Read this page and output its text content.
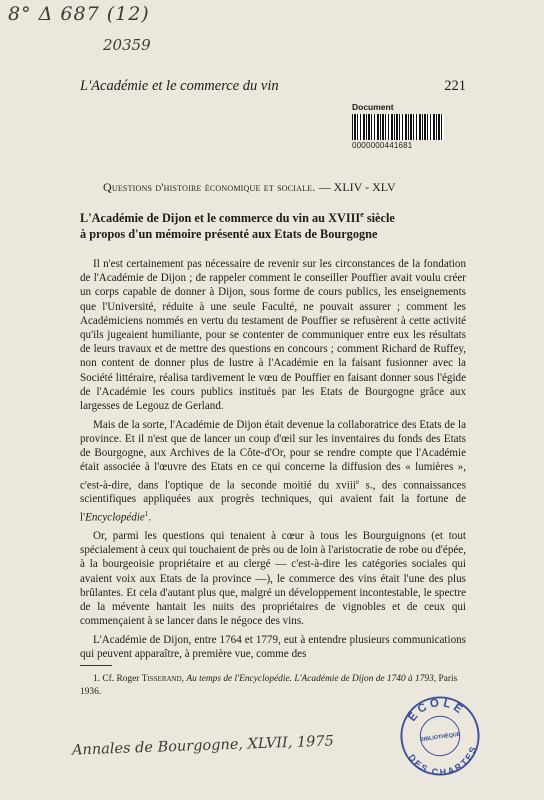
8° Δ 687 (12)
20359
L'Académie et le commerce du vin	221
Document
0000000441681
Questions d'histoire économique et sociale. — XLIV - XLV
L'Académie de Dijon et le commerce du vin au XVIIIe siècle
à propos d'un mémoire présenté aux Etats de Bourgogne

Il n'est certainement pas nécessaire de revenir sur les circonstances de la fondation de l'Académie de Dijon ; de rappeler comment le conseiller Pouffier avait voulu créer un corps capable de donner à Dijon, sous forme de cours publics, les enseignements que l'Université, réduite à une seule Faculté, ne pouvait assurer ; comment les Académiciens nommés en vertu du testament de Pouffier se refusèrent à cette activité qu'ils jugeaient humiliante, pour se contenter de communiquer entre eux les résultats de leurs travaux et de mettre des questions en concours ; comment Richard de Ruffey, non content de donner plus de lustre à l'Académie en la faisant fusionner avec la Société littéraire, réalisa tardivement le vœu de Pouffier en faisant donner sous l'égide de l'Académie les cours publics institués par les Etats de Bourgogne grâce aux largesses de Legouz de Gerland.

Mais de la sorte, l'Académie de Dijon était devenue la collaboratrice des Etats de la province. Et il n'est que de lancer un coup d'œil sur les inventaires du fonds des Etats de Bourgogne, aux Archives de la Côte-d'Or, pour se rendre compte que l'Académie était associée à l'œuvre des Etats en ce qui concerne la diffusion des « lumières », c'est-à-dire, dans l'optique de la seconde moitié du xviii$^e$ s., des connaissances scientifiques appliquées aux progrès techniques, qui avaient fait la fortune de l'Encyclopédie$^1$.

Or, parmi les questions qui tenaient à cœur à tous les Bourguignons (et tout spécialement à ceux qui touchaient de près ou de loin à l'aristocratie de robe ou d'épée, à la bourgeoisie propriétaire et au clergé — c'est-à-dire les catégories sociales qui avaient voix aux Etats de la province —), le commerce des vins était l'une des plus brûlantes. Et cela d'autant plus que, malgré un développement incontestable, le spectre de la mévente hantait les nuits des propriétaires de vignobles et de ceux qui commençaient à se lancer dans le négoce des vins.

L'Académie de Dijon, entre 1764 et 1779, eut à entendre plusieurs communications qui peuvent apparaître, à première vue, comme des

1. Cf. Roger Tisserand, Au temps de l'Encyclopédie. L'Académie de Dijon de 1740 à 1793, Paris 1936.
Annales de Bourgogne, XLVII, 1975
ÉCOLE
BIBLIOTHÈQUE
DES CHARTES
